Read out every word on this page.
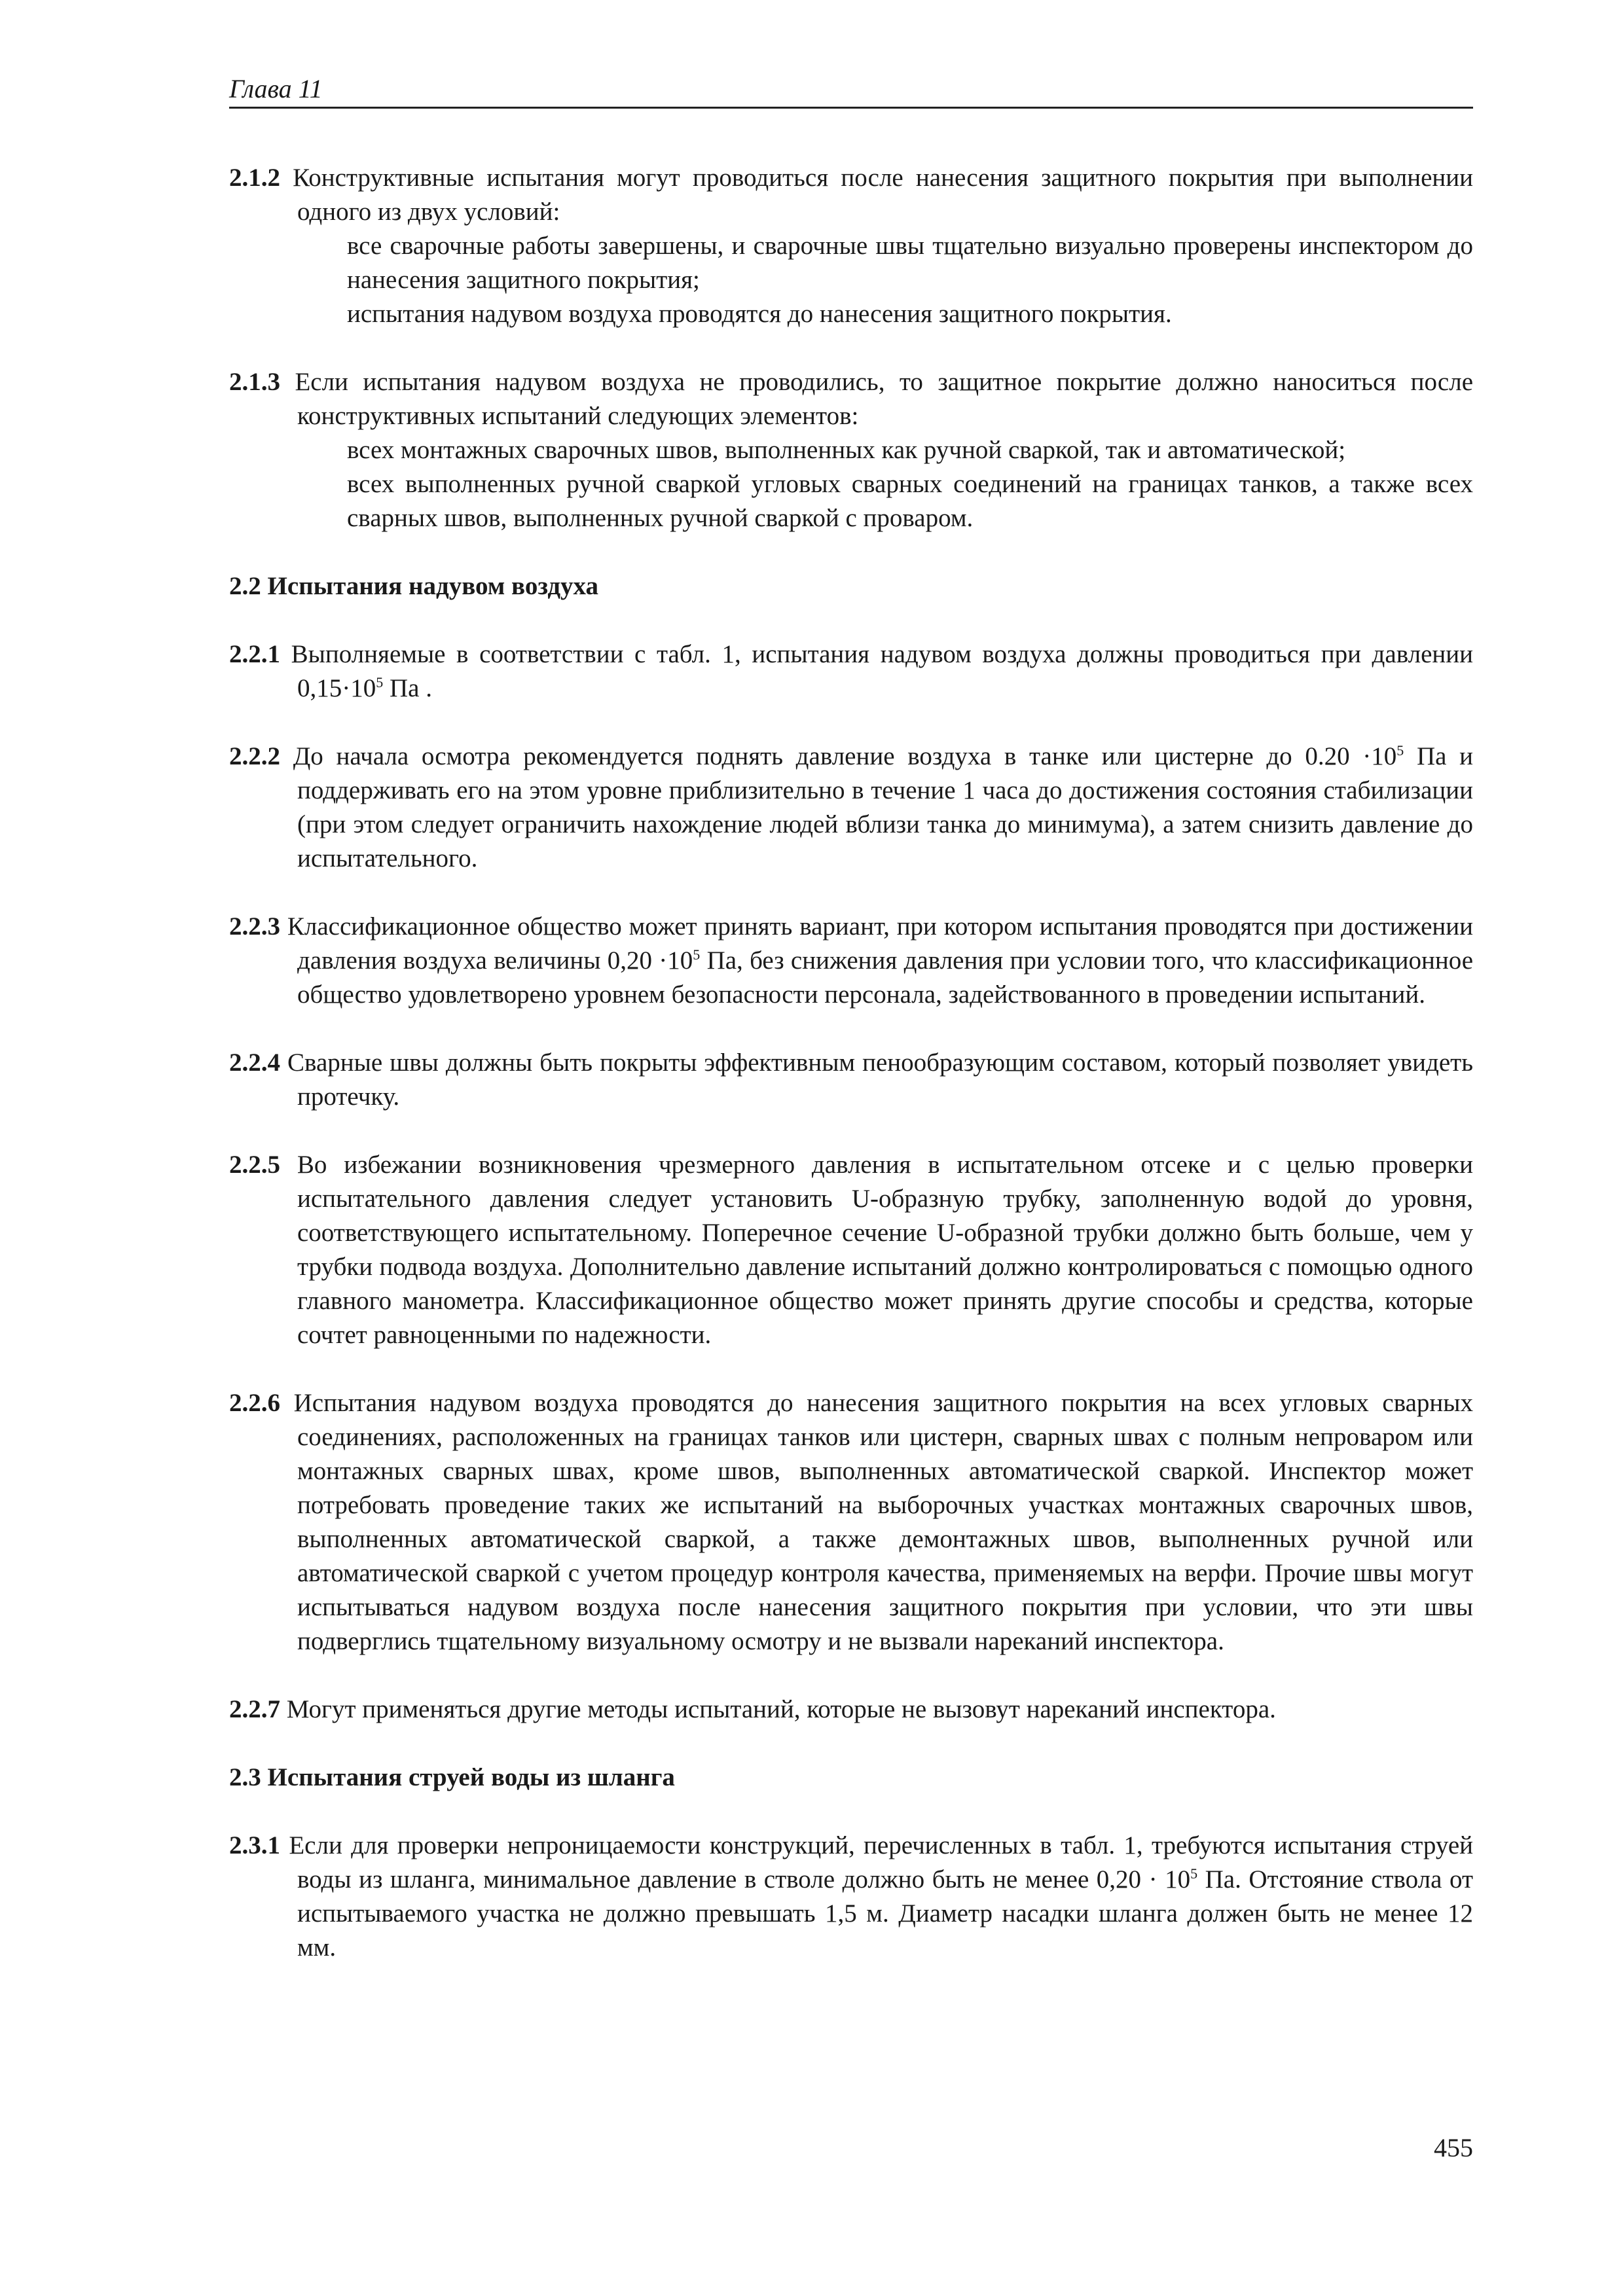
Глава 11

2.1.2 Конструктивные испытания могут проводиться после нанесения защитного покрытия при выполнении одного из двух условий:

все сварочные работы завершены, и сварочные швы тщательно визуально проверены инспектором до нанесения защитного покрытия;

испытания надувом воздуха проводятся до нанесения защитного покрытия.

2.1.3 Если испытания надувом воздуха не проводились, то защитное покрытие должно наноситься после конструктивных испытаний следующих элементов:

всех монтажных сварочных швов, выполненных как ручной сваркой, так и автоматической;

всех выполненных ручной сваркой угловых сварных соединений на границах танков, а также всех сварных швов, выполненных ручной сваркой с проваром.

2.2 Испытания надувом воздуха

2.2.1 Выполняемые в соответствии с табл. 1, испытания надувом воздуха должны проводиться при давлении $0,15\cdot 10^5$ Па .

2.2.2 До начала осмотра рекомендуется поднять давление воздуха в танке или цистерне до $0.20 \cdot 10^5$ Па и поддерживать его на этом уровне приблизительно в течение 1 часа до достижения состояния стабилизации (при этом следует ограничить нахождение людей вблизи танка до минимума), а затем снизить давление до испытательного.

2.2.3 Классификационное общество может принять вариант, при котором испытания проводятся при достижении давления воздуха величины $0,20 \cdot 10^5$ Па, без снижения давления при условии того, что классификационное общество удовлетворено уровнем безопасности персонала, задействованного в проведении испытаний.

2.2.4 Сварные швы должны быть покрыты эффективным пенообразующим составом, который позволяет увидеть протечку.

2.2.5 Во избежании возникновения чрезмерного давления в испытательном отсеке и с целью проверки испытательного давления следует установить U-образную трубку, заполненную водой до уровня, соответствующего испытательному. Поперечное сечение U-образной трубки должно быть больше, чем у трубки подвода воздуха. Дополнительно давление испытаний должно контролироваться с помощью одного главного манометра. Классификационное общество может принять другие способы и средства, которые сочтет равноценными по надежности.

2.2.6 Испытания надувом воздуха проводятся до нанесения защитного покрытия на всех угловых сварных соединениях, расположенных на границах танков или цистерн, сварных швах с полным непроваром или монтажных сварных швах, кроме швов, выполненных автоматической сваркой. Инспектор может потребовать проведение таких же испытаний на выборочных участках монтажных сварочных швов, выполненных автоматической сваркой, а также демонтажных швов, выполненных ручной или автоматической сваркой с учетом процедур контроля качества, применяемых на верфи. Прочие швы могут испытываться надувом воздуха после нанесения защитного покрытия при условии, что эти швы подверглись тщательному визуальному осмотру и не вызвали нареканий инспектора.

2.2.7 Могут применяться другие методы испытаний, которые не вызовут нареканий инспектора.

2.3 Испытания струей воды из шланга

2.3.1 Если для проверки непроницаемости конструкций, перечисленных в табл. 1, требуются испытания струей воды из шланга, минимальное давление в стволе должно быть не менее $0,20 \cdot 10^5$ Па. Отстояние ствола от испытываемого участка не должно превышать 1,5 м. Диаметр насадки шланга должен быть не менее 12 мм.

455
